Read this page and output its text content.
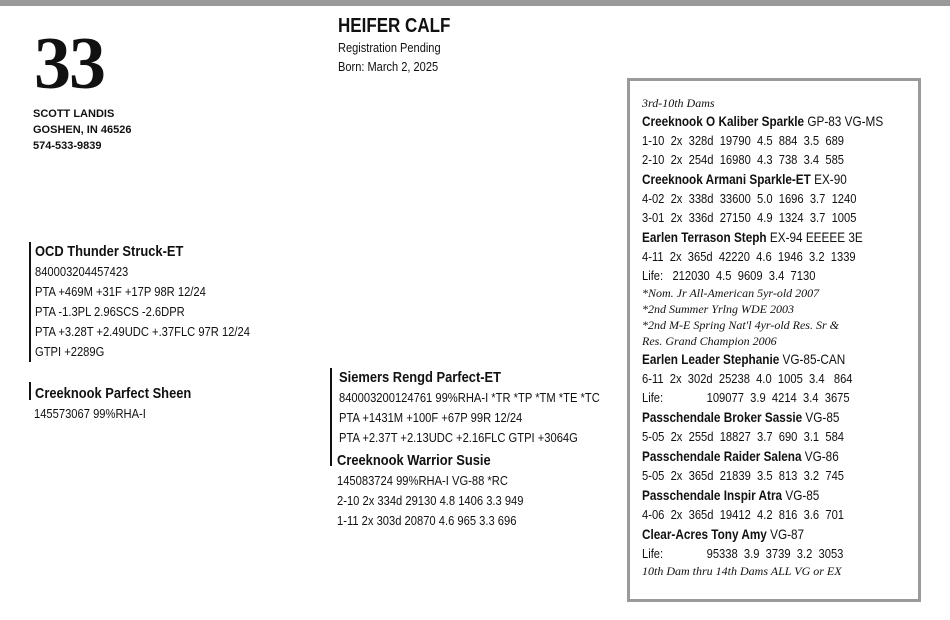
33
SCOTT LANDIS
GOSHEN, IN 46526
574-533-9839
HEIFER CALF
Registration Pending
Born: March 2, 2025
OCD Thunder Struck-ET
840003204457423
PTA +469M +31F +17P 98R 12/24
PTA -1.3PL 2.96SCS -2.6DPR
PTA +3.28T +2.49UDC +.37FLC 97R 12/24
GTPI +2289G
Creeknook Parfect Sheen
145573067 99%RHA-I
Siemers Rengd Parfect-ET
840003200124761 99%RHA-I *TR *TP *TM *TE *TC
PTA +1431M +100F +67P 99R 12/24
PTA +2.37T +2.13UDC +2.16FLC GTPI +3064G
Creeknook Warrior Susie
145083724 99%RHA-I VG-88 *RC
2-10 2x 334d 29130 4.8 1406 3.3 949
1-11 2x 303d 20870 4.6 965 3.3 696
3rd-10th Dams
Creeknook O Kaliber Sparkle GP-83 VG-MS
1-10  2x  328d  19790  4.5  884  3.5  689
2-10  2x  254d  16980  4.3  738  3.4  585
Creeknook Armani Sparkle-ET EX-90
4-02  2x  338d  33600  5.0  1696  3.7  1240
3-01  2x  336d  27150  4.9  1324  3.7  1005
Earlen Terrason Steph EX-94 EEEEE 3E
4-11  2x  365d  42220  4.6  1946  3.2  1339
Life:   212030  4.5  9609  3.4  7130
*Nom. Jr All-American 5yr-old 2007
*2nd Summer Yrlng WDE 2003
*2nd M-E Spring Nat'l 4yr-old Res. Sr &
Res. Grand Champion 2006
Earlen Leader Stephanie VG-85-CAN
6-11  2x  302d  25238  4.0  1005  3.4   864
Life:              109077  3.9  4214  3.4  3675
Passchendale Broker Sassie VG-85
5-05  2x  255d  18827  3.7  690  3.1  584
Passchendale Raider Salena VG-86
5-05  2x  365d  21839  3.5  813  3.2  745
Passchendale Inspir Atra VG-85
4-06  2x  365d  19412  4.2  816  3.6  701
Clear-Acres Tony Amy VG-87
Life:              95338  3.9  3739  3.2  3053
10th Dam thru 14th Dams ALL VG or EX
